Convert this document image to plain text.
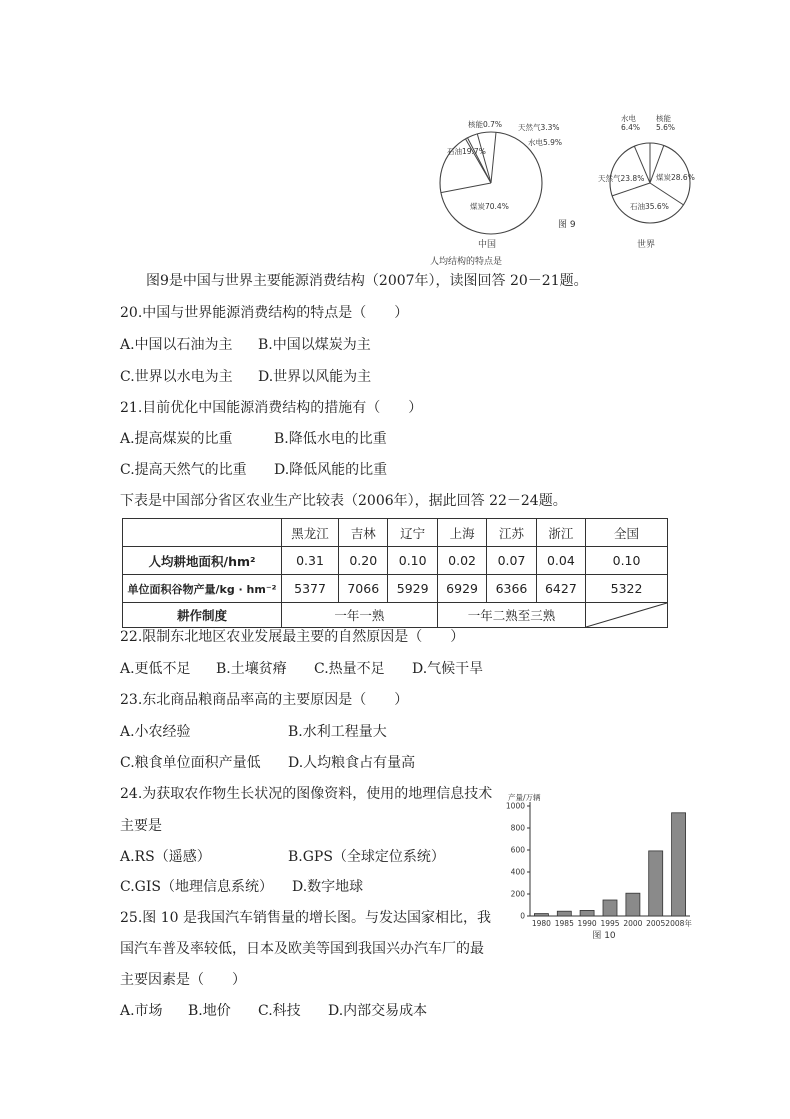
煤炭70.4%
石油19.7%
核能0.7% 天然气3.3%
水电5.9%
中国
人均结构的特点是
水电
6.4%
核能
5.6%
煤炭28.6%
石油35.6%
天然气23.8%
图 9
世界
图9是中国与世界主要能源消费结构（2007年），读图回答 20－21题。
20.中国与世界能源消费结构的特点是（　　）
A.中国以石油为主 B.中国以煤炭为主
C.世界以水电为主 D.世界以风能为主
21.目前优化中国能源消费结构的措施有（　　）
A.提高煤炭的比重	B.降低水电的比重
C.提高天然气的比重 D.降低风能的比重
下表是中国部分省区农业生产比较表（2006年），据此回答 22－24题。
	黑龙江	吉林	辽宁	上海	江苏	浙江	全国
人均耕地面积/hm²	0.31	0.20	0.10	0.02	0.07	0.04	0.10
单位面积谷物产量/kg · hm⁻²	5377	7066	5929	6929	6366	6427	5322
耕作制度	一年一熟			一年二熟至三熟	
22.限制东北地区农业发展最主要的自然原因是（　　）
A.更低不足 B.土壤贫瘠 C.热量不足 D.气候干旱
23.东北商品粮商品率高的主要原因是（　　）
A.小农经验	B.水利工程量大
C.粮食单位面积产量低 D.人均粮食占有量高
24.为获取农作物生长状况的图像资料，使用的地理信息技术
主要是
A.RS（遥感）	B.GPS（全球定位系统）
C.GIS（地理信息系统） D.数字地球
25.图 10 是我国汽车销售量的增长图。与发达国家相比，我
国汽车普及率较低，日本及欧美等国到我国兴办汽车厂的最
主要因素是（　　）
A.市场 B.地价 C.科技 D.内部交易成本
产量/万辆
0
200
400
600
800
1000
1980 1985 1990 1995 2000 2005 2008年
图 10
